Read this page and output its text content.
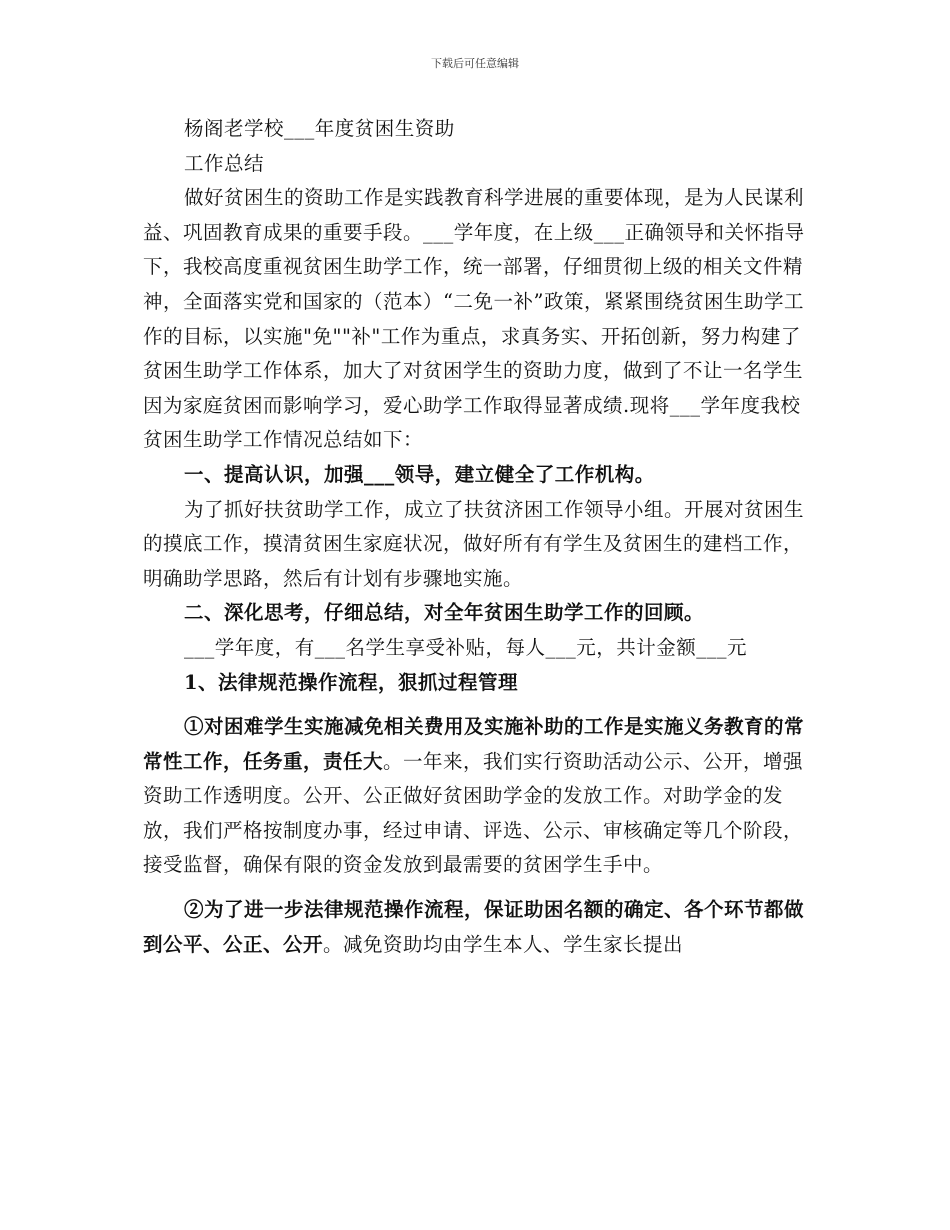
下载后可任意编辑

杨阁老学校___年度贫困生资助

工作总结

做好贫困生的资助工作是实践教育科学进展的重要体现，是为人民谋利益、巩固教育成果的重要手段。___学年度，在上级___正确领导和关怀指导下，我校高度重视贫困生助学工作，统一部署，仔细贯彻上级的相关文件精神，全面落实党和国家的（范本）“二免一补”政策，紧紧围绕贫困生助学工作的目标，以实施"免""补"工作为重点，求真务实、开拓创新，努力构建了贫困生助学工作体系，加大了对贫困学生的资助力度，做到了不让一名学生因为家庭贫困而影响学习，爱心助学工作取得显著成绩.现将___学年度我校贫困生助学工作情况总结如下：

一、提高认识，加强___领导，建立健全了工作机构。

为了抓好扶贫助学工作，成立了扶贫济困工作领导小组。开展对贫困生的摸底工作，摸清贫困生家庭状况，做好所有有学生及贫困生的建档工作，明确助学思路，然后有计划有步骤地实施。

二、深化思考，仔细总结，对全年贫困生助学工作的回顾。

___学年度，有___名学生享受补贴，每人___元，共计金额___元

1、法律规范操作流程，狠抓过程管理

①对困难学生实施减免相关费用及实施补助的工作是实施义务教育的常常性工作，任务重，责任大。一年来，我们实行资助活动公示、公开，增强资助工作透明度。公开、公正做好贫困助学金的发放工作。对助学金的发放，我们严格按制度办事，经过申请、评选、公示、审核确定等几个阶段，接受监督，确保有限的资金发放到最需要的贫困学生手中。

②为了进一步法律规范操作流程，保证助困名额的确定、各个环节都做到公平、公正、公开。减免资助均由学生本人、学生家长提出
